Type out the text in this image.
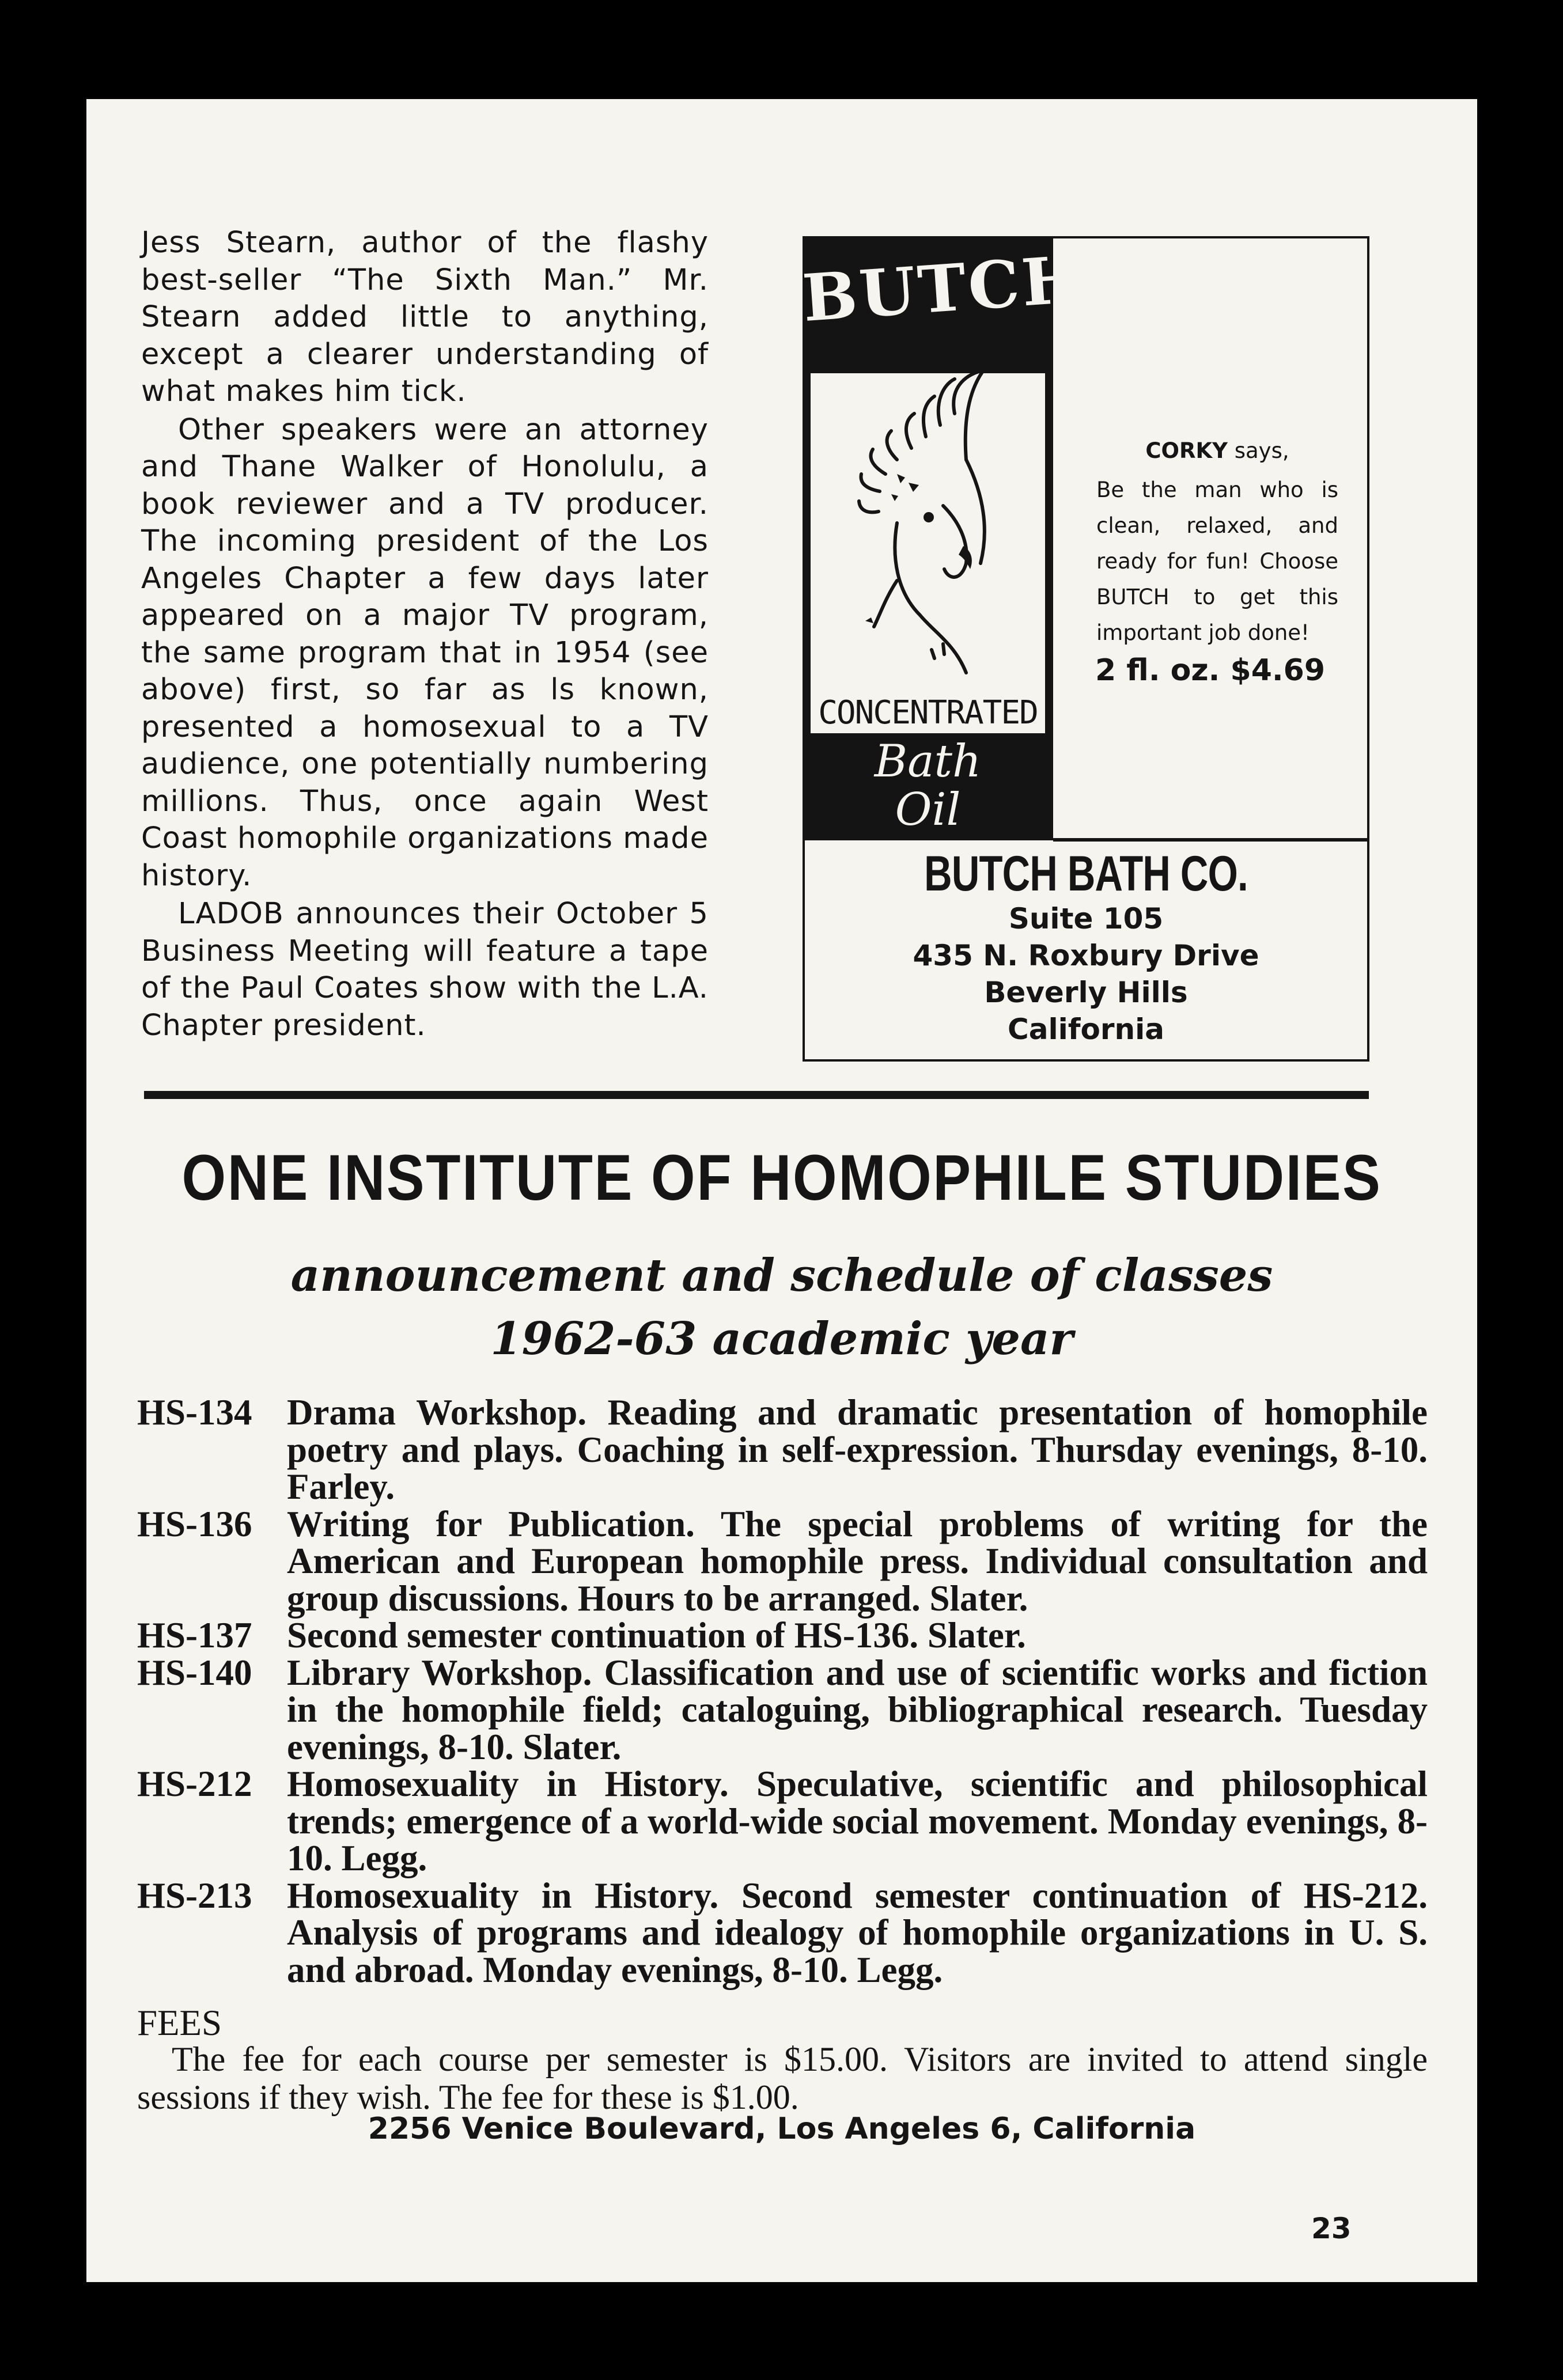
Jess Stearn, author of the flashy best-seller “The Sixth Man.” Mr. Stearn added little to anything, except a clearer understanding of what makes him tick.

Other speakers were an attorney and Thane Walker of Honolulu, a book reviewer and a TV producer. The incoming president of the Los Angeles Chapter a few days later appeared on a major TV program, the same program that in 1954 (see above) first, so far as ls known, presented a homosexual to a TV audience, one potentially numbering millions. Thus, once again West Coast homophile organizations made history.

LADOB announces their October 5 Business Meeting will feature a tape of the Paul Coates show with the L.A. Chapter president.

BUTCH
CONCENTRATED
Bath
Oil
CORKY says,
Be the man who is clean, relaxed, and ready for fun! Choose BUTCH to get this important job done!
2 fl. oz. $4.69
BUTCH BATH CO.
Suite 105
435 N. Roxbury Drive
Beverly Hills
California
ONE INSTITUTE OF HOMOPHILE STUDIES
announcement and schedule of classes
1962-63 academic year
HS-134 Drama Workshop. Reading and dramatic presentation of homophile poetry and plays. Coaching in self-expression. Thursday evenings, 8-10. Farley.
HS-136 Writing for Publication. The special problems of writing for the American and European homophile press. Individual consultation and group discussions. Hours to be arranged. Slater.
HS-137 Second semester continuation of HS-136. Slater.
HS-140 Library Workshop. Classification and use of scientific works and fiction in the homophile field; cataloguing, bibliographical research. Tuesday evenings, 8-10. Slater.
HS-212 Homosexuality in History. Speculative, scientific and philosophical trends; emergence of a world-wide social movement. Monday evenings, 8-10. Legg.
HS-213 Homosexuality in History. Second semester continuation of HS-212. Analysis of programs and idealogy of homophile organizations in U. S. and abroad. Monday evenings, 8-10. Legg.
FEES
The fee for each course per semester is $15.00. Visitors are invited to attend single sessions if they wish. The fee for these is $1.00.
2256 Venice Boulevard, Los Angeles 6, California
23
